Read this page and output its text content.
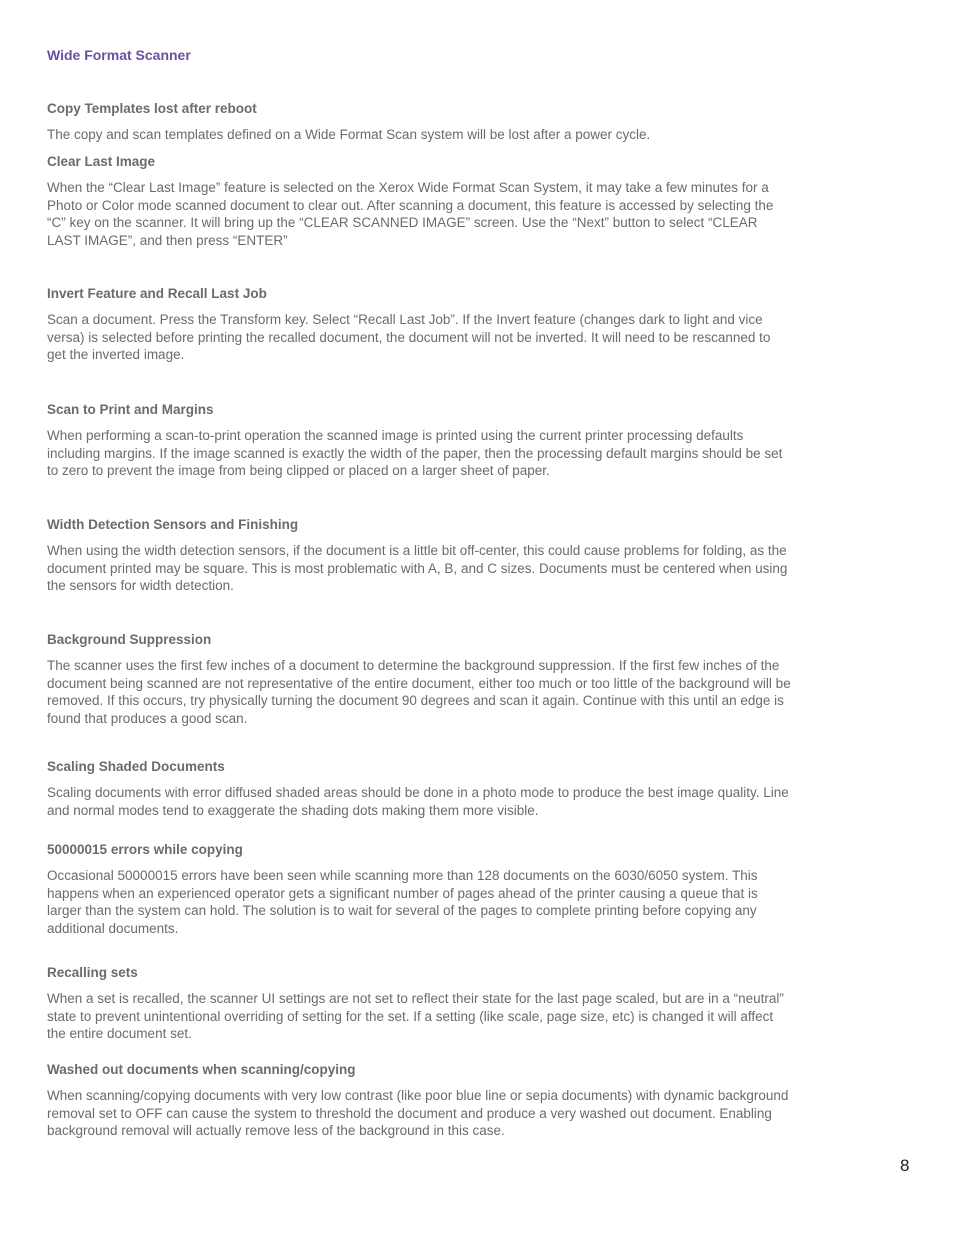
Wide Format Scanner
Copy Templates lost after reboot

The copy and scan templates defined on a Wide Format Scan system will be lost after a power cycle.

Clear Last Image

When the “Clear Last Image” feature is selected on the Xerox Wide Format Scan System, it may take a few minutes for a Photo or Color mode scanned document to clear out. After scanning a document, this feature is accessed by selecting the “C” key on the scanner. It will bring up the “CLEAR SCANNED IMAGE” screen. Use the “Next” button to select “CLEAR LAST IMAGE”, and then press “ENTER”

Invert Feature and Recall Last Job

Scan a document. Press the Transform key. Select “Recall Last Job”. If the Invert feature (changes dark to light and vice versa) is selected before printing the recalled document, the document will not be inverted. It will need to be rescanned to get the inverted image.

Scan to Print and Margins

When performing a scan-to-print operation the scanned image is printed using the current printer processing defaults including margins. If the image scanned is exactly the width of the paper, then the processing default margins should be set to zero to prevent the image from being clipped or placed on a larger sheet of paper.

Width Detection Sensors and Finishing

When using the width detection sensors, if the document is a little bit off-center, this could cause problems for folding, as the document printed may be square. This is most problematic with A, B, and C sizes. Documents must be centered when using the sensors for width detection.

Background Suppression

The scanner uses the first few inches of a document to determine the background suppression. If the first few inches of the document being scanned are not representative of the entire document, either too much or too little of the background will be removed. If this occurs, try physically turning the document 90 degrees and scan it again. Continue with this until an edge is found that produces a good scan.

Scaling Shaded Documents

Scaling documents with error diffused shaded areas should be done in a photo mode to produce the best image quality. Line and normal modes tend to exaggerate the shading dots making them more visible.

50000015 errors while copying

Occasional 50000015 errors have been seen while scanning more than 128 documents on the 6030/6050 system. This happens when an experienced operator gets a significant number of pages ahead of the printer causing a queue that is larger than the system can hold. The solution is to wait for several of the pages to complete printing before copying any additional documents.

Recalling sets

When a set is recalled, the scanner UI settings are not set to reflect their state for the last page scaled, but are in a “neutral” state to prevent unintentional overriding of setting for the set. If a setting (like scale, page size, etc) is changed it will affect the entire document set.

Washed out documents when scanning/copying

When scanning/copying documents with very low contrast (like poor blue line or sepia documents) with dynamic background removal set to OFF can cause the system to threshold the document and produce a very washed out document. Enabling background removal will actually remove less of the background in this case.

8
